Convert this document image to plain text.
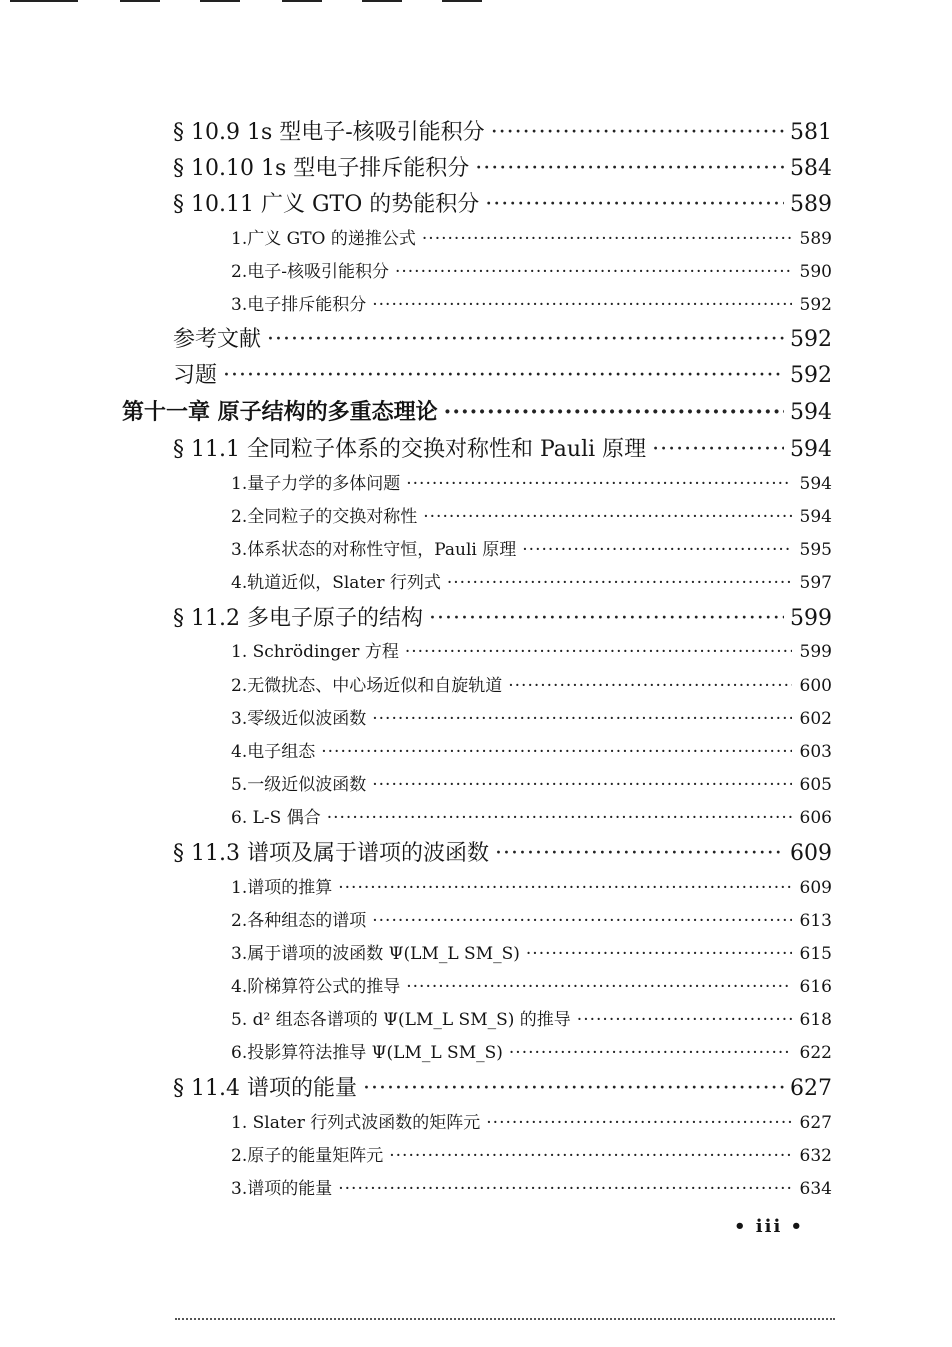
§ 10.9 1s 型电子-核吸引能积分 ·····	581
§ 10.10 1s 型电子排斥能积分 ·····	584
§ 10.11 广义 GTO 的势能积分 ·····	589
1.广义 GTO 的递推公式 ·····	589
2.电子-核吸引能积分 ·····	590
3.电子排斥能积分 ·····	592
参考文献 ·····	592
习题 ·····	592
第十一章 原子结构的多重态理论 ·····	594
§ 11.1 全同粒子体系的交换对称性和 Pauli 原理 ·····	594
1.量子力学的多体问题 ·····	594
2.全同粒子的交换对称性 ·····	594
3.体系状态的对称性守恒，Pauli 原理 ·····	595
4.轨道近似，Slater 行列式 ·····	597
§ 11.2 多电子原子的结构 ·····	599
1. Schrödinger 方程 ·····	599
2.无微扰态、中心场近似和自旋轨道 ·····	600
3.零级近似波函数 ·····	602
4.电子组态 ·····	603
5.一级近似波函数 ·····	605
6. L-S 偶合 ·····	606
§ 11.3 谱项及属于谱项的波函数 ·····	609
1.谱项的推算 ·····	609
2.各种组态的谱项 ·····	613
3.属于谱项的波函数 Ψ(LM_L SM_S) ·····	615
4.阶梯算符公式的推导 ·····	616
5. d² 组态各谱项的 Ψ(LM_L SM_S) 的推导 ·····	618
6.投影算符法推导 Ψ(LM_L SM_S) ·····	622
§ 11.4 谱项的能量 ·····	627
1. Slater 行列式波函数的矩阵元 ·····	627
2.原子的能量矩阵元 ·····	632
3.谱项的能量 ·····	634
• iii •
